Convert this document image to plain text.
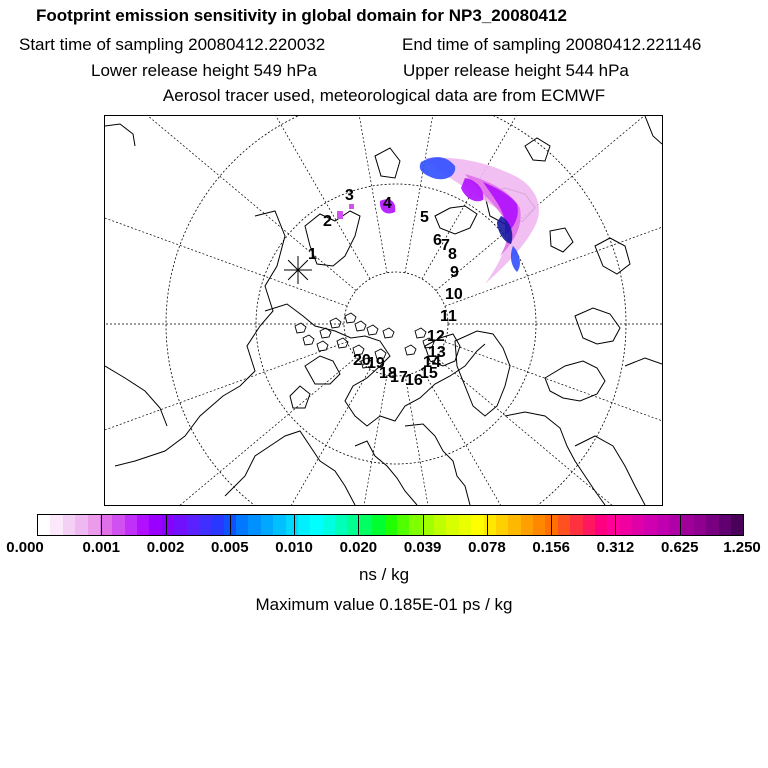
Footprint emission sensitivity in global domain for NP3_20080412
Start time of sampling 20080412.220032	End time of sampling 20080412.221146
Lower release height 549 hPa	Upper release height 544 hPa
Aerosol tracer used, meteorological data are from ECMWF
1
2
3 4
5
6 7
8
9
10
11
12
13
14
15
16
17
18
19
20
0.000	0.001 0.002 0.005 0.010 0.020 0.039 0.078 0.156 0.312 0.625 1.250
ns / kg
Maximum value 0.185E-01 ps / kg
